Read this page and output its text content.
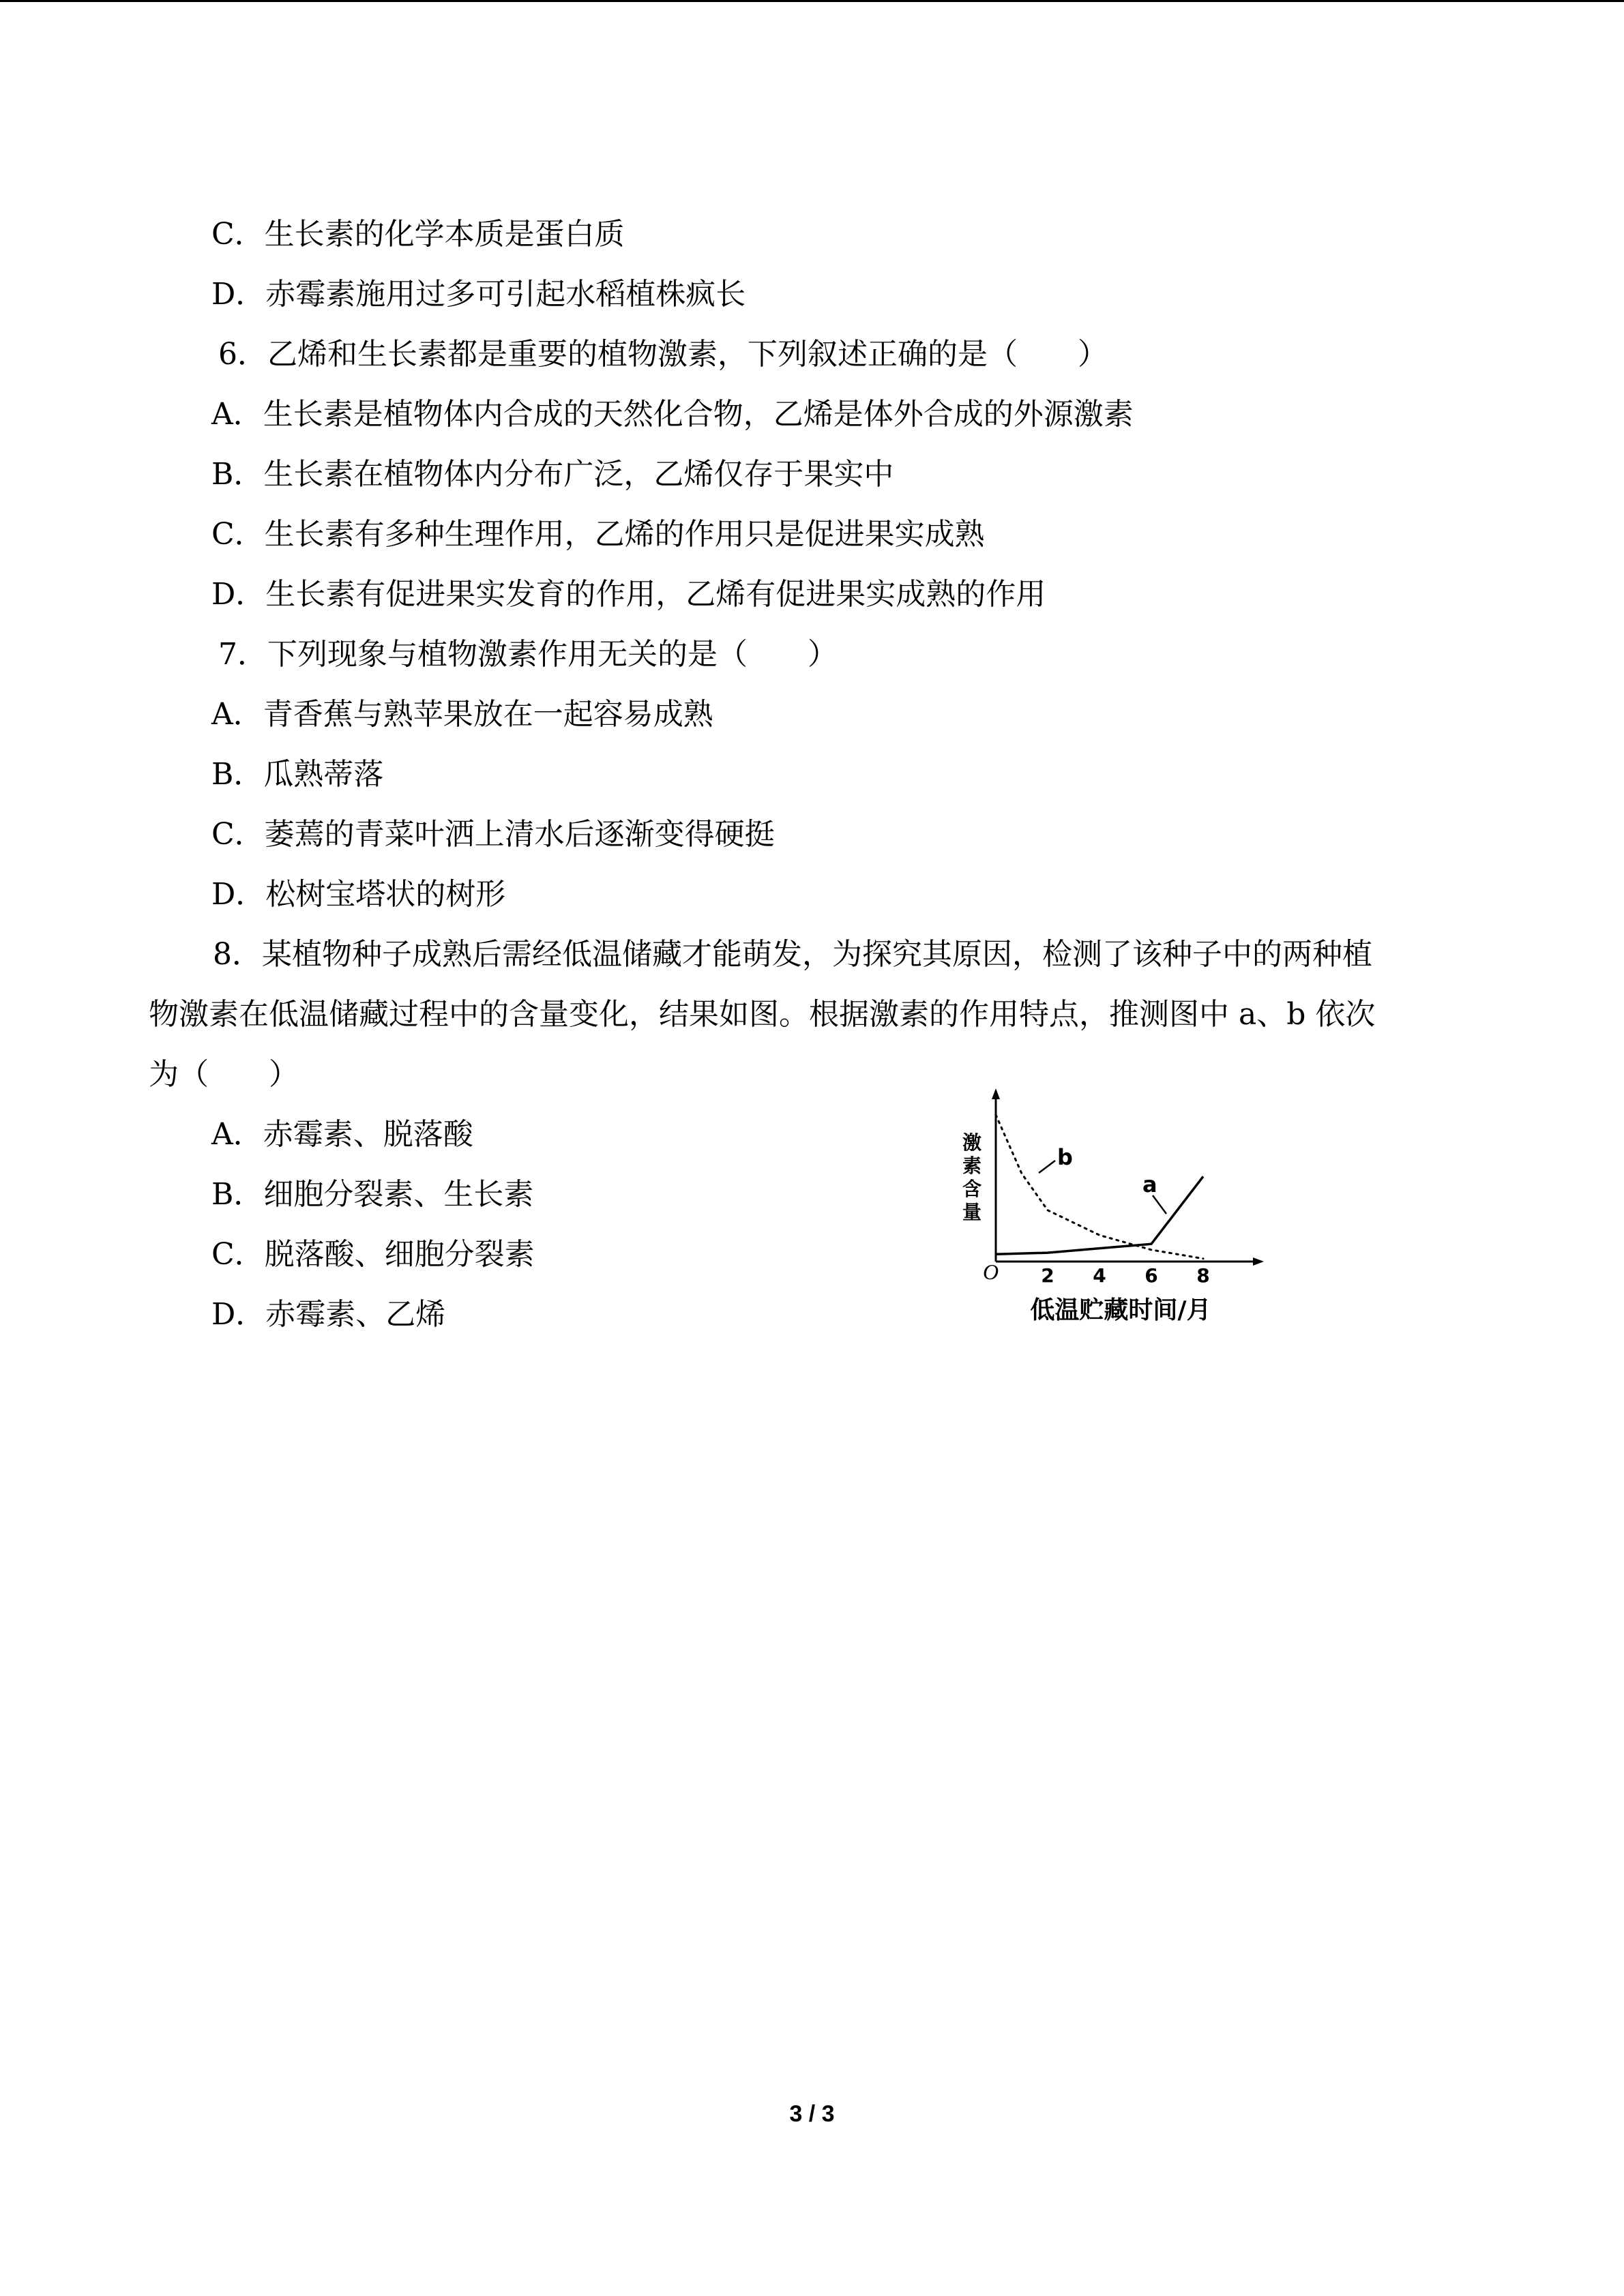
C．生长素的化学本质是蛋白质

D．赤霉素施用过多可引起水稻植株疯长

6．乙烯和生长素都是重要的植物激素，下列叙述正确的是（　　）

A．生长素是植物体内合成的天然化合物，乙烯是体外合成的外源激素

B．生长素在植物体内分布广泛，乙烯仅存于果实中

C．生长素有多种生理作用，乙烯的作用只是促进果实成熟

D．生长素有促进果实发育的作用，乙烯有促进果实成熟的作用

7．下列现象与植物激素作用无关的是（　　）

A．青香蕉与熟苹果放在一起容易成熟

B．瓜熟蒂落

C．萎蔫的青菜叶洒上清水后逐渐变得硬挺

D．松树宝塔状的树形

8．某植物种子成熟后需经低温储藏才能萌发，为探究其原因，检测了该种子中的两种植

物激素在低温储藏过程中的含量变化，结果如图。根据激素的作用特点，推测图中 a、b 依次

为（　　）

A．赤霉素、脱落酸

B．细胞分裂素、生长素

C．脱落酸、细胞分裂素

D．赤霉素、乙烯

激素含量
O 2 4 6 8
b
a
低温贮藏时间/月
3 / 3
